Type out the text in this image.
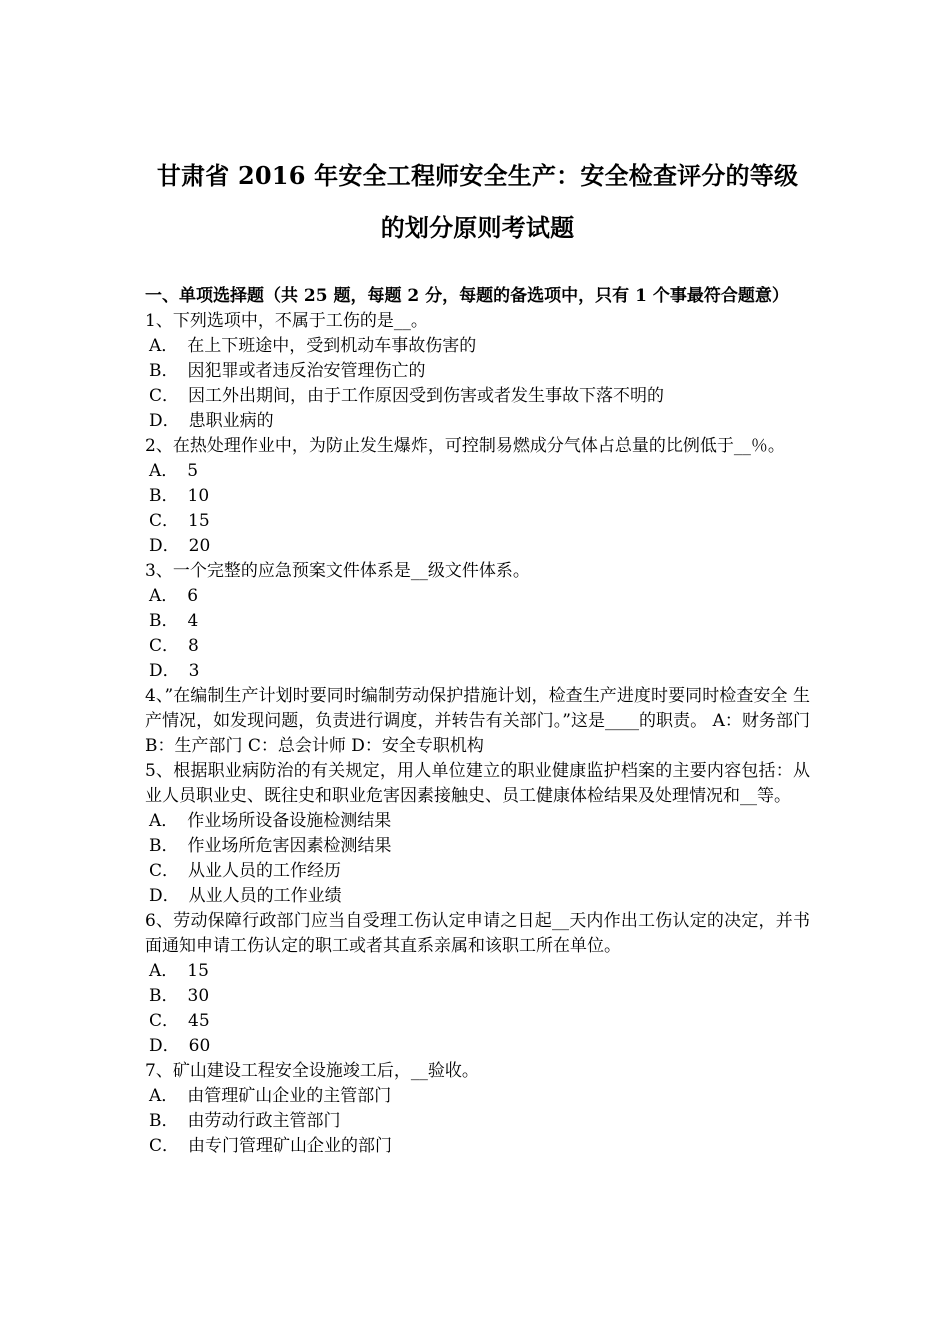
甘肃省 2016 年安全工程师安全生产：安全检查评分的等级
的划分原则考试题
一、单项选择题（共 25 题，每题 2 分，每题的备选项中，只有 1 个事最符合题意）
1、下列选项中，不属于工伤的是__。
A． 在上下班途中，受到机动车事故伤害的
B． 因犯罪或者违反治安管理伤亡的
C． 因工外出期间，由于工作原因受到伤害或者发生事故下落不明的
D． 患职业病的
2、在热处理作业中，为防止发生爆炸，可控制易燃成分气体占总量的比例低于__％。
A． 5
B． 10
C． 15
D． 20
3、一个完整的应急预案文件体系是__级文件体系。
A． 6
B． 4
C． 8
D． 3
4、”在编制生产计划时要同时编制劳动保护措施计划，检查生产进度时要同时检查安全 生产情况，如发现问题，负责进行调度，并转告有关部门。”这是____的职责。 A：财务部门 B：生产部门 C：总会计师 D：安全专职机构
5、根据职业病防治的有关规定，用人单位建立的职业健康监护档案的主要内容包括：从业人员职业史、既往史和职业危害因素接触史、员工健康体检结果及处理情况和__等。
A． 作业场所设备设施检测结果
B． 作业场所危害因素检测结果
C． 从业人员的工作经历
D． 从业人员的工作业绩
6、劳动保障行政部门应当自受理工伤认定申请之日起__天内作出工伤认定的决定，并书面通知申请工伤认定的职工或者其直系亲属和该职工所在单位。
A． 15
B． 30
C． 45
D． 60
7、矿山建设工程安全设施竣工后，__验收。
A． 由管理矿山企业的主管部门
B． 由劳动行政主管部门
C． 由专门管理矿山企业的部门
